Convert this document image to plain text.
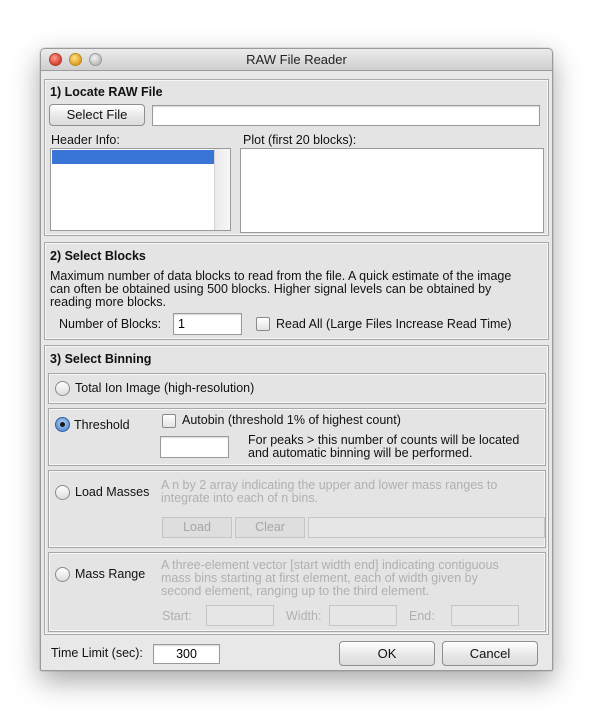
RAW File Reader
1) Locate RAW File
Select File
Header Info:	Plot (first 20 blocks):
2) Select Blocks
Maximum number of data blocks to read from the file. A quick estimate of the image
can often be obtained using 500 blocks. Higher signal levels can be obtained by
reading more blocks.
Number of Blocks:
1	Read All (Large Files Increase Read Time)
3) Select Binning
Total Ion Image (high-resolution)
Threshold	Autobin (threshold 1% of highest count)
For peaks > this number of counts will be located
and automatic binning will be performed.
Load Masses A n by 2 array indicating the upper and lower mass ranges to
integrate into each of n bins.
Load	Clear
Mass Range
A three-element vector [start width end] indicating contiguous
mass bins starting at first element, each of width given by
second element, ranging up to the third element.
Start:	Width:	End:
Time Limit (sec):
300	OK	Cancel
